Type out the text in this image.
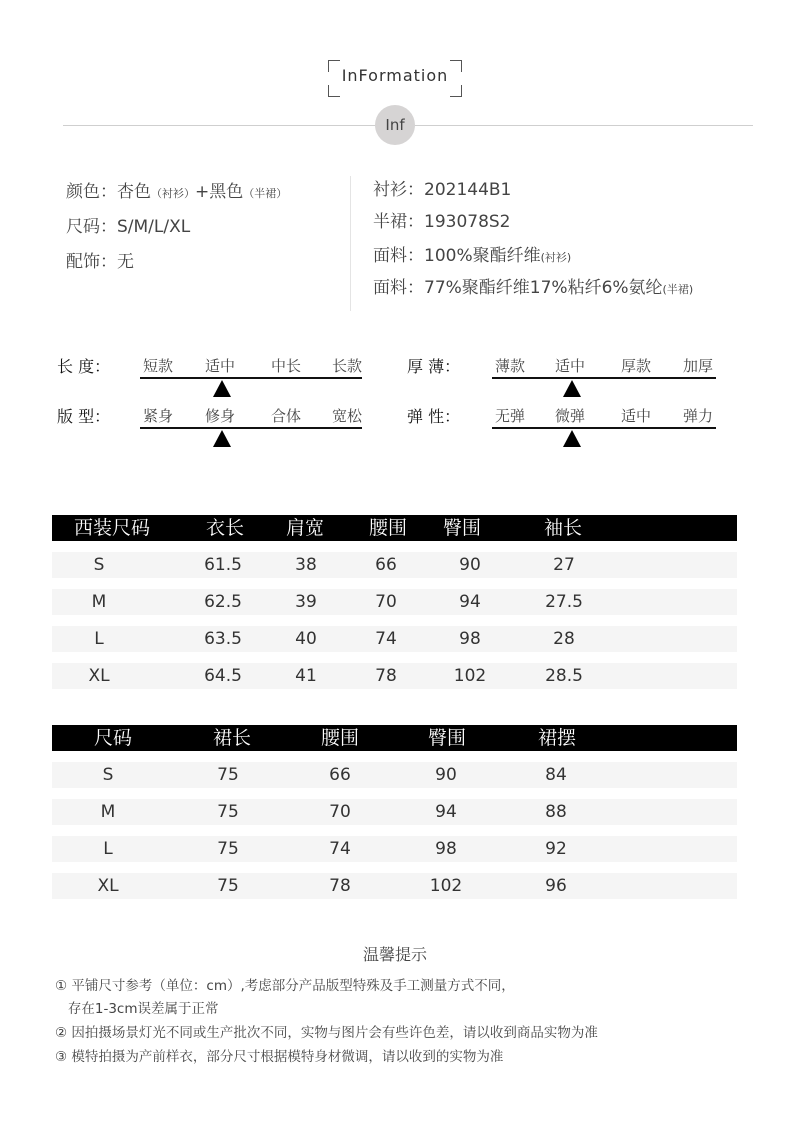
InFormation
Inf
颜色：杏色（衬衫）+黑色（半裙）
尺码：S/M/L/XL
配饰：无
衬衫：202144B1
半裙：193078S2
面料：100%聚酯纤维(衬衫)
面料：77%聚酯纤维17%粘纤6%氨纶(半裙)
长 度：	短款	适中	中长	长款
版 型：	紧身	修身	合体	宽松
厚 薄：	薄款	适中	厚款	加厚
弹 性：	无弹	微弹	适中	弹力
西装尺码	衣长	肩宽	腰围	臀围	袖长
S	61.5	38	66	90	27
M	62.5	39	70	94	27.5
L	63.5	40	74	98	28
XL	64.5	41	78	102	28.5
尺码	裙长	腰围	臀围	裙摆
S	75	66	90	84
M	75	70	94	88
L	75	74	98	92
XL	75	78	102	96
温馨提示
① 平铺尺寸参考（单位：cm）,考虑部分产品版型特殊及手工测量方式不同，
存在1-3cm误差属于正常
② 因拍摄场景灯光不同或生产批次不同，实物与图片会有些许色差，请以收到商品实物为准
③ 模特拍摄为产前样衣，部分尺寸根据模特身材微调，请以收到的实物为准
